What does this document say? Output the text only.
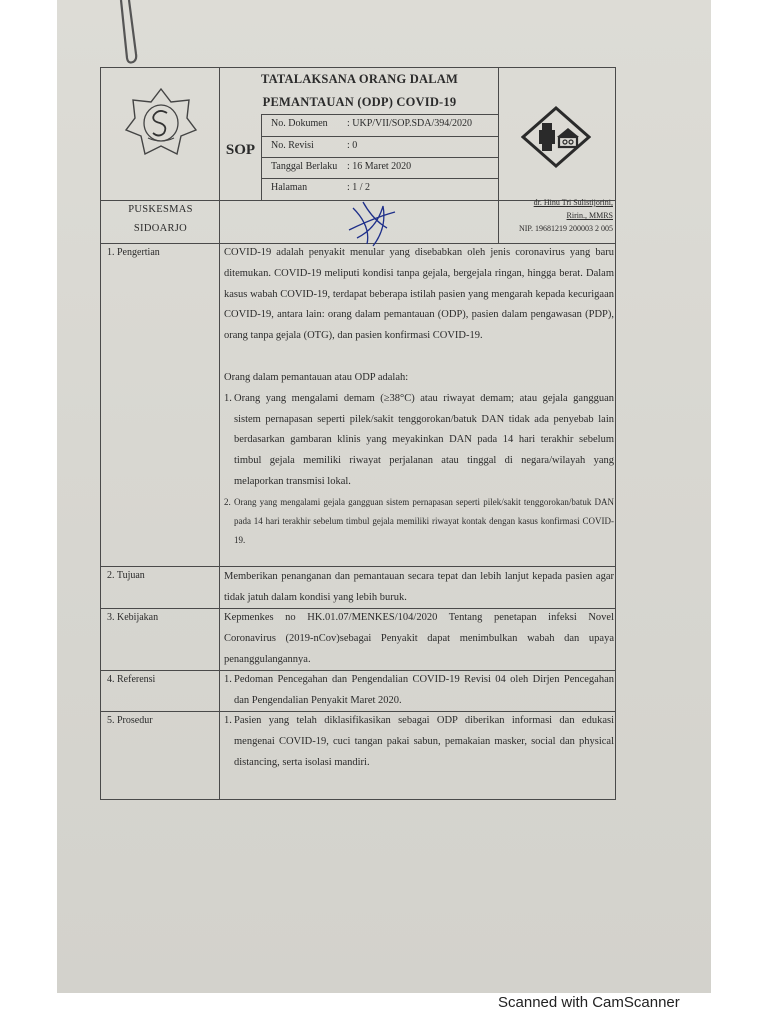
TATALAKSANA ORANG DALAM
PEMANTAUAN (ODP) COVID-19
SOP
No. Dokumen : UKP/VII/SOP.SDA/394/2020
No. Revisi	: 0
Tanggal Berlaku : 16 Maret 2020
Halaman	: 1 / 2
PUSKESMAS
SIDOARJO
dr. Hinu Tri Sulistijorini,
Ririn., MMRS
NIP. 19681219 200003 2 005
1. Pengertian	COVID-19 adalah penyakit menular yang disebabkan oleh jenis coronavirus yang baru ditemukan. COVID-19 meliputi kondisi tanpa gejala, bergejala ringan, hingga berat. Dalam kasus wabah COVID-19, terdapat beberapa istilah pasien yang mengarah kepada kecurigaan COVID-19, antara lain: orang dalam pemantauan (ODP), pasien dalam pengawasan (PDP), orang tanpa gejala (OTG), dan pasien konfirmasi COVID-19.

Orang dalam pemantauan atau ODP adalah:

1. Orang yang mengalami demam (≥38°C) atau riwayat demam; atau gejala gangguan sistem pernapasan seperti pilek/sakit tenggorokan/batuk DAN tidak ada penyebab lain berdasarkan gambaran klinis yang meyakinkan DAN pada 14 hari terakhir sebelum timbul gejala memiliki riwayat perjalanan atau tinggal di negara/wilayah yang melaporkan transmisi lokal.
2. Orang yang mengalami gejala gangguan sistem pernapasan seperti pilek/sakit tenggorokan/batuk DAN pada 14 hari terakhir sebelum timbul gejala memiliki riwayat kontak dengan kasus konfirmasi COVID-19.
2. Tujuan	Memberikan penanganan dan pemantauan secara tepat dan lebih lanjut kepada pasien agar tidak jatuh dalam kondisi yang lebih buruk.
3. Kebijakan	Kepmenkes no HK.01.07/MENKES/104/2020 Tentang penetapan infeksi Novel Coronavirus (2019-nCov)sebagai Penyakit dapat menimbulkan wabah dan upaya penanggulangannya.
4. Referensi	1. Pedoman Pencegahan dan Pengendalian COVID-19 Revisi 04 oleh Dirjen Pencegahan dan Pengendalian Penyakit Maret 2020.
5. Prosedur	1. Pasien yang telah diklasifikasikan sebagai ODP diberikan informasi dan edukasi mengenai COVID-19, cuci tangan pakai sabun, pemakaian masker, social dan physical distancing, serta isolasi mandiri.
Scanned with CamScanner
